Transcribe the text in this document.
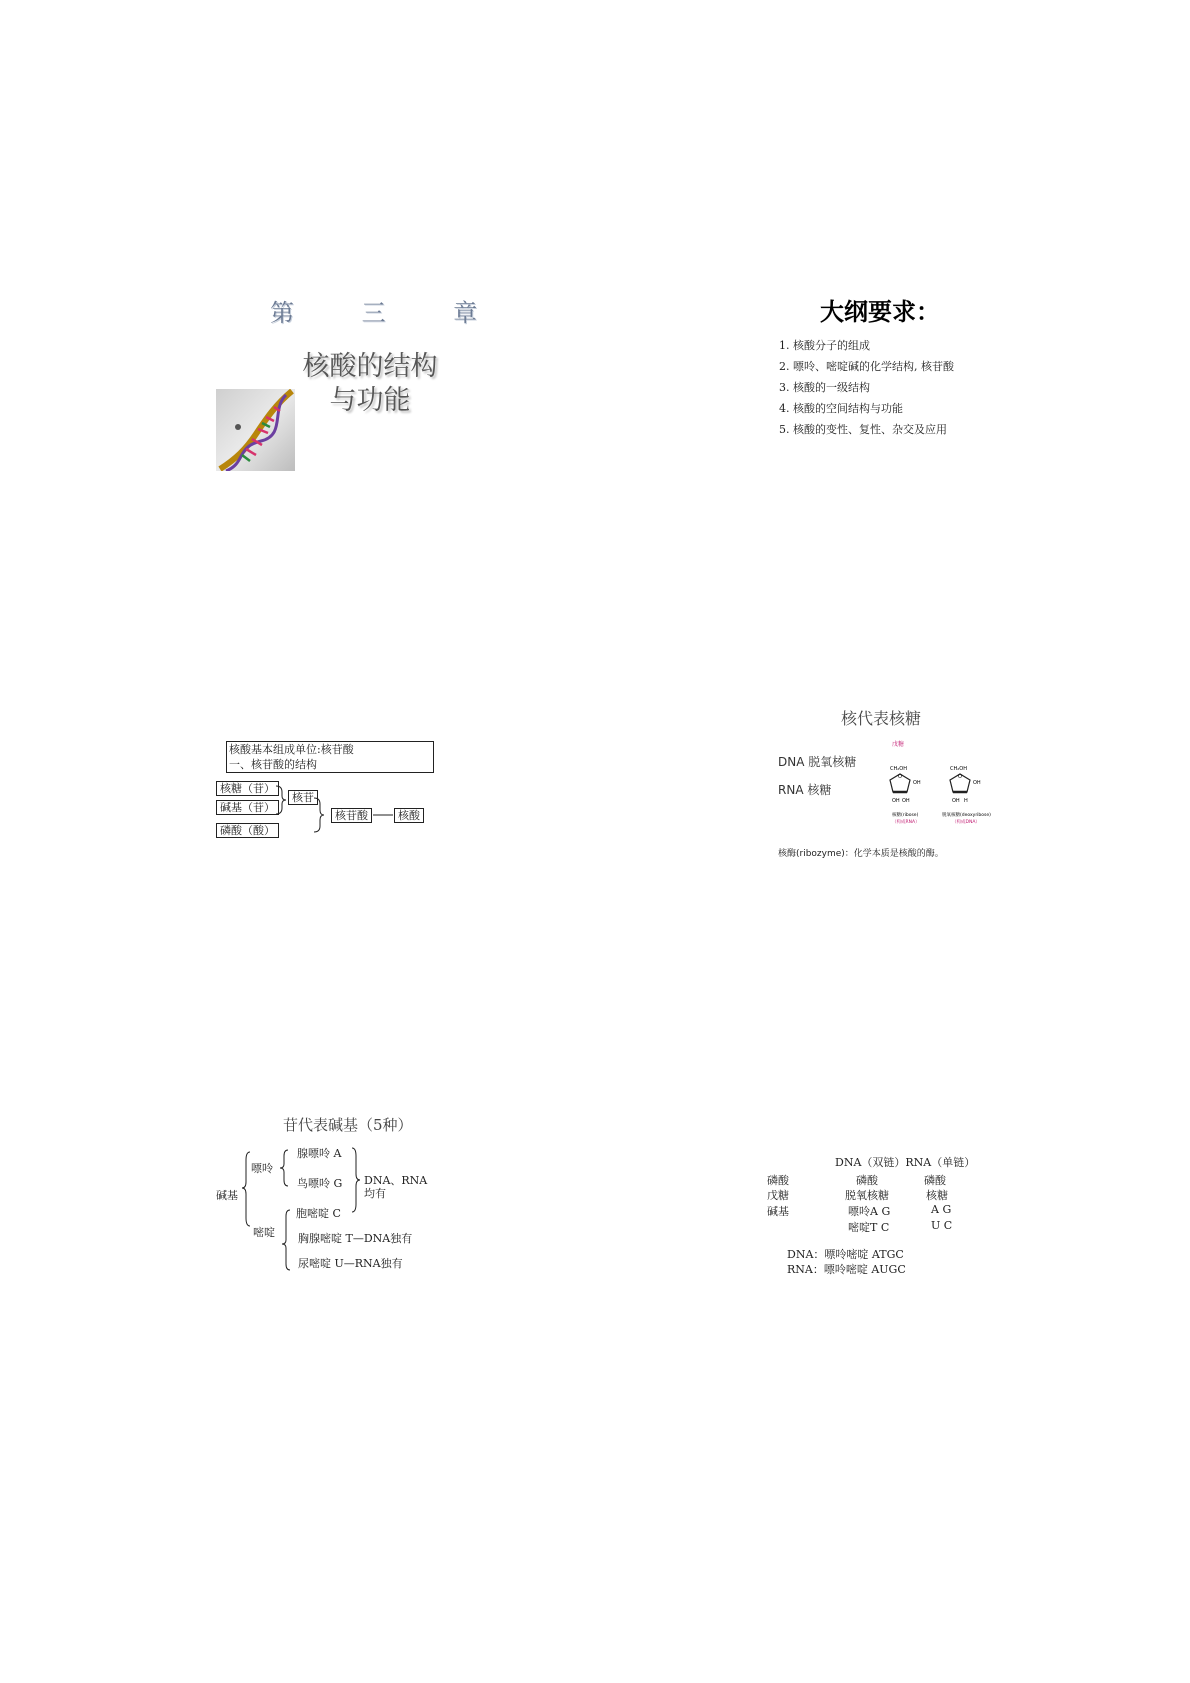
第 三 章
核酸的结构
与功能
大纲要求：
1. 核酸分子的组成
2. 嘌呤、嘧啶碱的化学结构, 核苷酸
3. 核酸的一级结构
4. 核酸的空间结构与功能
5. 核酸的变性、复性、杂交及应用
核酸基本组成单位:核苷酸
一、核苷酸的结构
核糖（苷）
碱基（苷）
磷酸（酸）
核苷
核苷酸	核酸
核代表核糖
DNA 脱氧核糖
RNA 核糖
戊糖
CH₂OH
O
OH
OH OH
核糖(ribose)
（构成RNA）
CH₂OH
O
OH
OH H
脱氧核糖(deoxyribose)
（构成DNA）
核酶(ribozyme)：化学本质是核酸的酶。
苷代表碱基（5种）
碱基
嘌呤
嘧啶
腺嘌呤 A
鸟嘌呤 G
胞嘧啶 C
胸腺嘧啶 T—DNA独有
尿嘧啶 U—RNA独有
DNA、RNA
均有
DNA（双链）RNA（单链）
磷酸
戊糖
碱基
磷酸
脱氧核糖
嘌呤A G
嘧啶T C
磷酸
核糖
A G
U C
DNA：嘌呤嘧啶 ATGC
RNA：嘌呤嘧啶 AUGC
